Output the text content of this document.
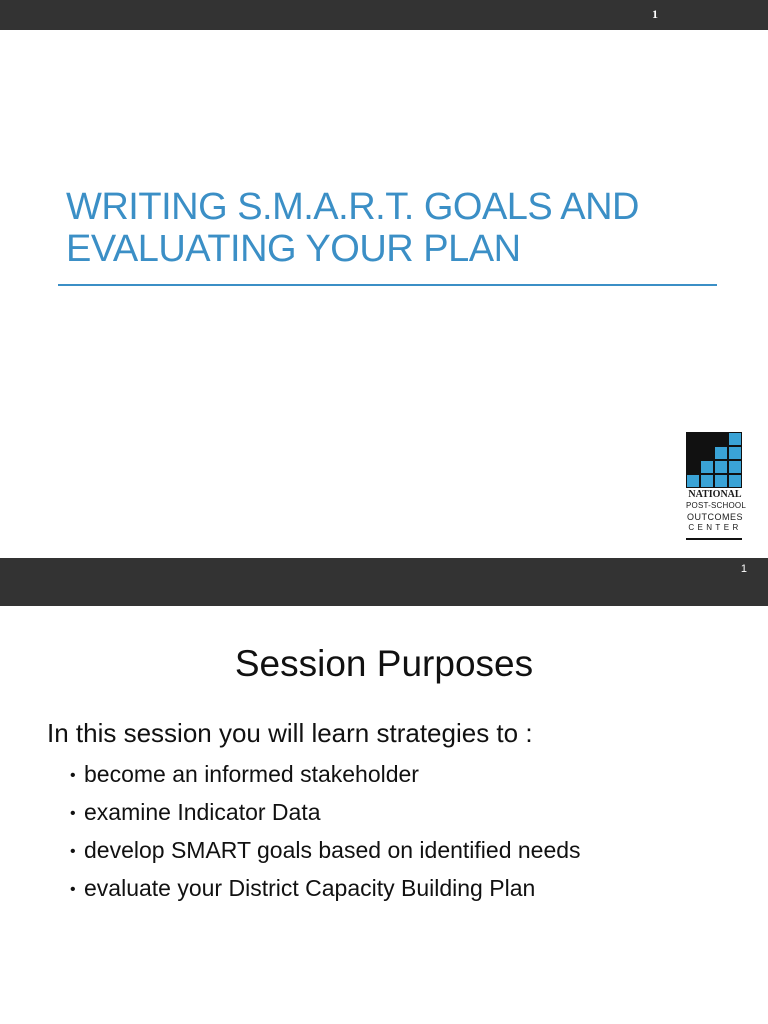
1
WRITING S.M.A.R.T. GOALS AND
EVALUATING YOUR PLAN
NATIONAL
POST-SCHOOL
OUTCOMES
CENTER
1
Session Purposes
In this session you will learn strategies to :
• become an informed stakeholder
• examine Indicator Data
• develop SMART goals based on identified needs
• evaluate your District Capacity Building Plan
